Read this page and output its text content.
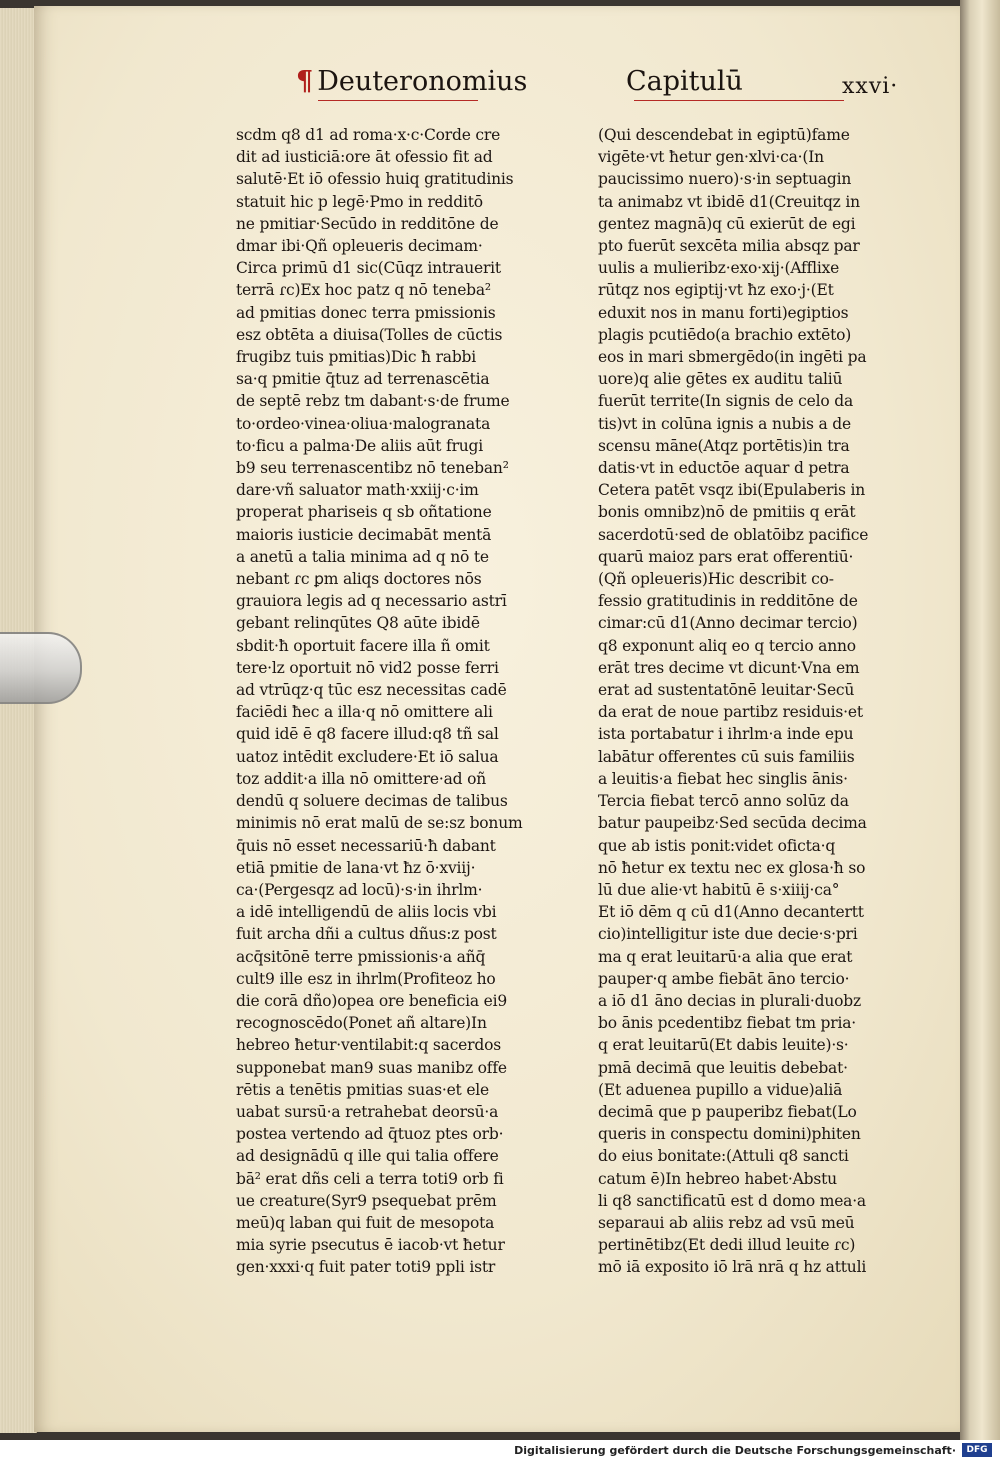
¶ Deuteronomius	Capitulū	xxvi·
scdm q8 d1 ad roma·x·c·Corde cre
dit ad iusticiā:ore āt ofessio fit ad
salutē·Et iō ofessio huiq gratitudinis
statuit hic p legē·Pmo in redditō
ne pmitiar·Secūdo in redditōne de
dmar ibi·Qñ opleueris decimam·
Circa primū d1 sic(Cūqz intrauerit
terrā ɾc)Ex hoc patz q nō teneba²
ad pmitias donec terra pmissionis
esz obtēta a diuisa(Tolles de cūctis
frugibz tuis pmitias)Dic ħ rabbi
sa·q pmitie q̄tuz ad terrenascētia
de septē rebz tm dabant·s·de frume
to·ordeo·vinea·oliua·malogranata
to·ficu a palma·De aliis aūt frugi
b9 seu terrenascentibz nō teneban²
dare·vñ saluator math·xxiij·c·im
properat phariseis q sb oñtatione
maioris iusticie decimabāt mentā
a anetū a talia minima ad q nō te
nebant ɾc ꝑm aliqs doctores nōs
grauiora legis ad q necessario astrī
gebant relinqūtes Q8 aūte ibidē
sbdit·ħ oportuit facere illa ñ omit
tere·lz oportuit nō vid2 posse ferri
ad vtrūqz·q tūc esz necessitas cadē
faciēdi ħec a illa·q nō omittere ali
quid idē ē q8 facere illud:q8 tñ sal
uatoz intēdit excludere·Et iō salua
toz addit·a illa nō omittere·ad oñ
dendū q soluere decimas de talibus
minimis nō erat malū de se:sz bonum
q̄uis nō esset necessariū·ħ dabant
etiā pmitie de lana·vt ħz ō·xviij·
ca·(Pergesqz ad locū)·s·in ihrlm·
a idē intelligendū de aliis locis vbi
fuit archa dñi a cultus dñus:z post
acq̄sitōnē terre pmissionis·a añq̄
cult9 ille esz in ihrlm(Profiteoz ho
die corā dño)opea ore beneficia ei9
recognoscēdo(Ponet añ altare)In
hebreo ħetur·ventilabit:q sacerdos
supponebat man9 suas manibz offe
rētis a tenētis pmitias suas·et ele
uabat sursū·a retrahebat deorsū·a
postea vertendo ad q̄tuoz ptes orb·
ad designādū q ille qui talia offere
bā² erat dñs celi a terra toti9 orb fi
ue creature(Syr9 psequebat prēm
meū)q laban qui fuit de mesopota
mia syrie psecutus ē iacob·vt ħetur
gen·xxxi·q fuit pater toti9 ppli istr
(Qui descendebat in egiptū)fame
vigēte·vt ħetur gen·xlvi·ca·(In
paucissimo nuero)·s·in septuagin
ta animabz vt ibidē d1(Creuitqz in
gentez magnā)q cū exierūt de egi
pto fuerūt sexcēta milia absqz par
uulis a mulieribz·exo·xij·(Afflixe
rūtqz nos egiptij·vt ħz exo·j·(Et
eduxit nos in manu forti)egiptios
plagis pcutiēdo(a brachio extēto)
eos in mari sbmergēdo(in ingēti pa
uore)q alie gētes ex auditu taliū
fuerūt territe(In signis de celo da
tis)vt in colūna ignis a nubis a de
scensu māne(Atqz portētis)in tra
datis·vt in eductōe aquar d petra
Cetera patēt vsqz ibi(Epulaberis in
bonis omnibz)nō de pmitiis q erāt
sacerdotū·sed de oblatōibz pacifice
quarū maioz pars erat offerentiū·
(Qñ opleueris)Hic describit co-
fessio gratitudinis in redditōne de
cimar:cū d1(Anno decimar tercio)
q8 exponunt aliq eo q tercio anno
erāt tres decime vt dicunt·Vna em
erat ad sustentatōnē leuitar·Secū
da erat de noue partibz residuis·et
ista portabatur i ihrlm·a inde epu
labātur offerentes cū suis familiis
a leuitis·a fiebat hec singlis ānis·
Tercia fiebat tercō anno solūz da
batur paupeibz·Sed secūda decima
que ab istis ponit:videt oficta·q
nō ħetur ex textu nec ex glosa·ħ so
lū due alie·vt habitū ē s·xiiij·ca°
Et iō dēm q cū d1(Anno decantertt
cio)intelligitur iste due decie·s·pri
ma q erat leuitarū·a alia que erat
pauper·q ambe fiebāt āno tercio·
a iō d1 āno decias in plurali·duobz
bo ānis pcedentibz fiebat tm pria·
q erat leuitarū(Et dabis leuite)·s·
pmā decimā que leuitis debebat·
(Et aduenea pupillo a vidue)aliā
decimā que p pauperibz fiebat(Lo
queris in conspectu domini)phiten
do eius bonitate:(Attuli q8 sancti
catum ē)In hebreo habet·Abstu
li q8 sanctificatū est d domo mea·a
separaui ab aliis rebz ad vsū meū
pertinētibz(Et dedi illud leuite ɾc)
mō iā exposito iō lrā nrā q hz attuli
Digitalisierung gefördert durch die Deutsche Forschungsgemeinschaft·	DFG
